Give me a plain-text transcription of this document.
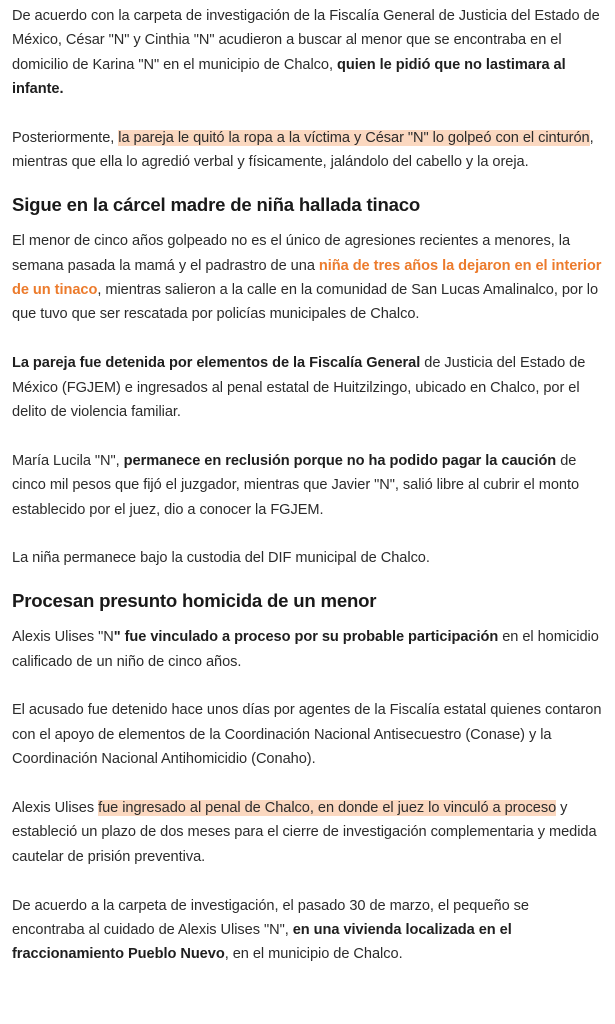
De acuerdo con la carpeta de investigación de la Fiscalía General de Justicia del Estado de México, César "N" y Cinthia "N" acudieron a buscar al menor que se encontraba en el domicilio de Karina "N" en el municipio de Chalco, quien le pidió que no lastimara al infante.

Posteriormente, la pareja le quitó la ropa a la víctima y César "N" lo golpeó con el cinturón, mientras que ella lo agredió verbal y físicamente, jalándolo del cabello y la oreja.

Sigue en la cárcel madre de niña hallada tinaco

El menor de cinco años golpeado no es el único de agresiones recientes a menores, la semana pasada la mamá y el padrastro de una niña de tres años la dejaron en el interior de un tinaco, mientras salieron a la calle en la comunidad de San Lucas Amalinalco, por lo que tuvo que ser rescatada por policías municipales de Chalco.

La pareja fue detenida por elementos de la Fiscalía General de Justicia del Estado de México (FGJEM) e ingresados al penal estatal de Huitzilzingo, ubicado en Chalco, por el delito de violencia familiar.

María Lucila "N", permanece en reclusión porque no ha podido pagar la caución de cinco mil pesos que fijó el juzgador, mientras que Javier "N", salió libre al cubrir el monto establecido por el juez, dio a conocer la FGJEM.

La niña permanece bajo la custodia del DIF municipal de Chalco.

Procesan presunto homicida de un menor

Alexis Ulises "N" fue vinculado a proceso por su probable participación en el homicidio calificado de un niño de cinco años.

El acusado fue detenido hace unos días por agentes de la Fiscalía estatal quienes contaron con el apoyo de elementos de la Coordinación Nacional Antisecuestro (Conase) y la Coordinación Nacional Antihomicidio (Conaho).

Alexis Ulises fue ingresado al penal de Chalco, en donde el juez lo vinculó a proceso y estableció un plazo de dos meses para el cierre de investigación complementaria y medida cautelar de prisión preventiva.

De acuerdo a la carpeta de investigación, el pasado 30 de marzo, el pequeño se encontraba al cuidado de Alexis Ulises "N", en una vivienda localizada en el fraccionamiento Pueblo Nuevo, en el municipio de Chalco.
